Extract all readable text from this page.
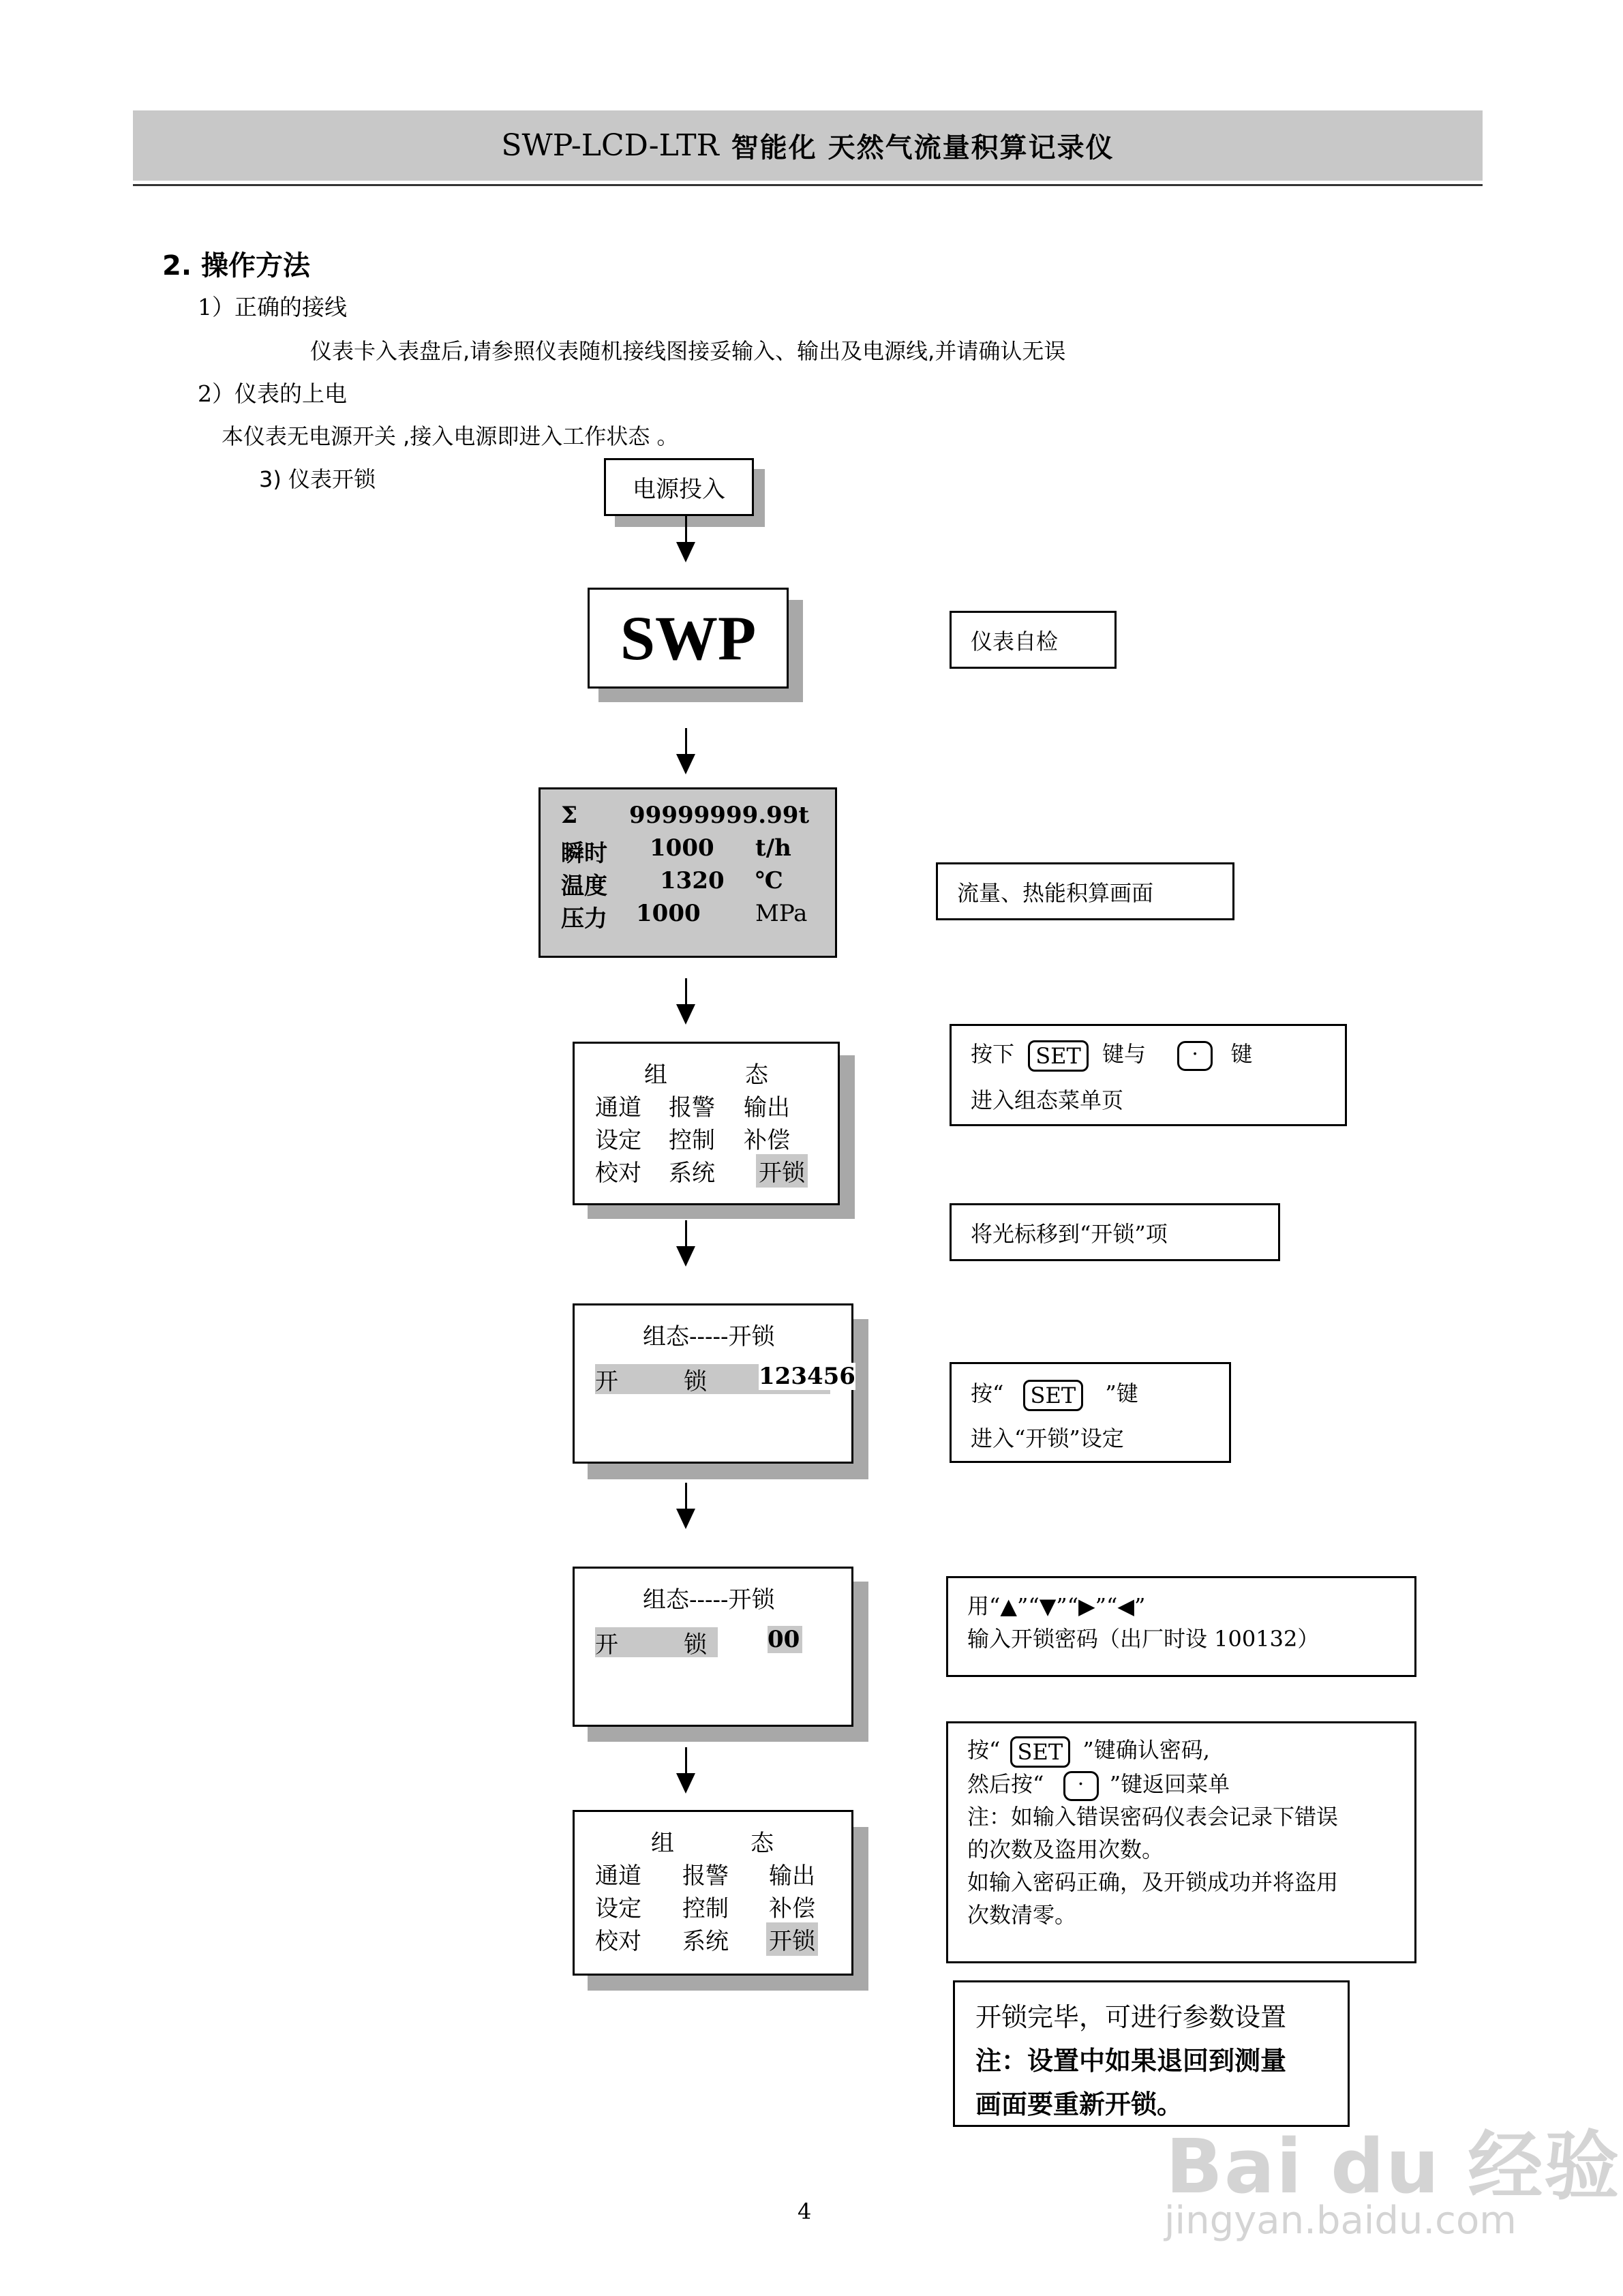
SWP-LCD-LTR 智能化 天然气流量积算记录仪
2. 操作方法
1）正确的接线
仪表卡入表盘后,请参照仪表随机接线图接妥输入、输出及电源线,并请确认无误
2）仪表的上电
本仪表无电源开关 ,接入电源即进入工作状态 。
3) 仪表开锁	电源投入
SWP	仪表自检
Σ 99999999.99t
瞬时 1000 t/h
温度 1320 ℃
压力 1000 MPa
流量、热能积算画面
组	态
通道 报警 输出
设定 控制 补偿
校对 系统 开锁
按下 SET 键与 · 键
进入组态菜单页
将光标移到“开锁”项
组态-----开锁
开	锁 123456
按“ SET ”键
进入“开锁”设定
组态-----开锁
开	锁	00
用“▲”“▼”“▶”“◀”
输入开锁密码（出厂时设 100132）
组	态
通道 报警 输出
设定 控制 补偿
校对 系统 开锁
按“ SET ”键确认密码,
然后按“ · ”键返回菜单
注：如输入错误密码仪表会记录下错误
的次数及盗用次数。
如输入密码正确，及开锁成功并将盗用
次数清零。
开锁完毕，可进行参数设置
注：设置中如果退回到测量
画面要重新开锁。
4
Bai du 经验
jingyan.baidu.com
